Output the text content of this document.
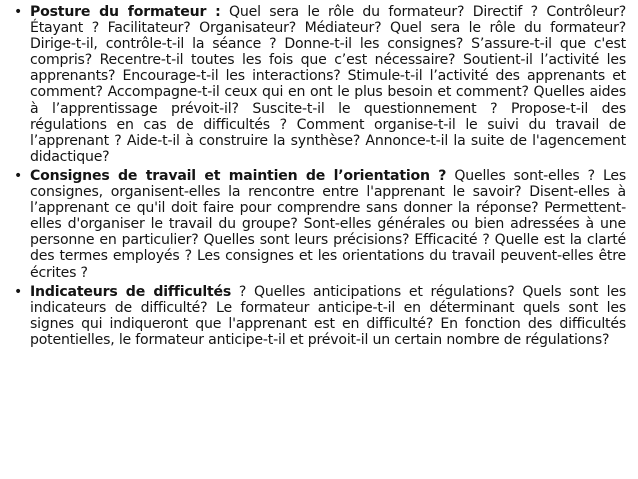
• Posture du formateur : Quel sera le rôle du formateur? Directif ? Contrôleur? Étayant ? Facilitateur? Organisateur? Médiateur? Quel sera le rôle du formateur? Dirige-t-il, contrôle-t-il la séance ? Donne-t-il les consignes? S’assure-t-il que c'est compris? Recentre-t-il toutes les fois que c’est nécessaire? Soutient-il l’activité les apprenants? Encourage-t-il les interactions? Stimule-t-il l’activité des apprenants et comment? Accompagne-t-il ceux qui en ont le plus besoin et comment? Quelles aides à l’apprentissage prévoit-il? Suscite-t-il le questionnement ? Propose-t-il des régulations en cas de difficultés ? Comment organise-t-il le suivi du travail de l’apprenant ? Aide-t-il à construire la synthèse? Annonce-t-il la suite de l'agencement didactique?
• Consignes de travail et maintien de l’orientation ? Quelles sont-elles ? Les consignes, organisent-elles la rencontre entre l'apprenant le savoir? Disent-elles à l’apprenant ce qu'il doit faire pour comprendre sans donner la réponse? Permettent-elles d'organiser le travail du groupe? Sont-elles générales ou bien adressées à une personne en particulier? Quelles sont leurs précisions? Efficacité ? Quelle est la clarté des termes employés ? Les consignes et les orientations du travail peuvent-elles être écrites ?
• Indicateurs de difficultés ? Quelles anticipations et régulations? Quels sont les indicateurs de difficulté? Le formateur anticipe-t-il en déterminant quels sont les signes qui indiqueront que l'apprenant est en difficulté? En fonction des difficultés potentielles, le formateur anticipe-t-il et prévoit-il un certain nombre de régulations?
